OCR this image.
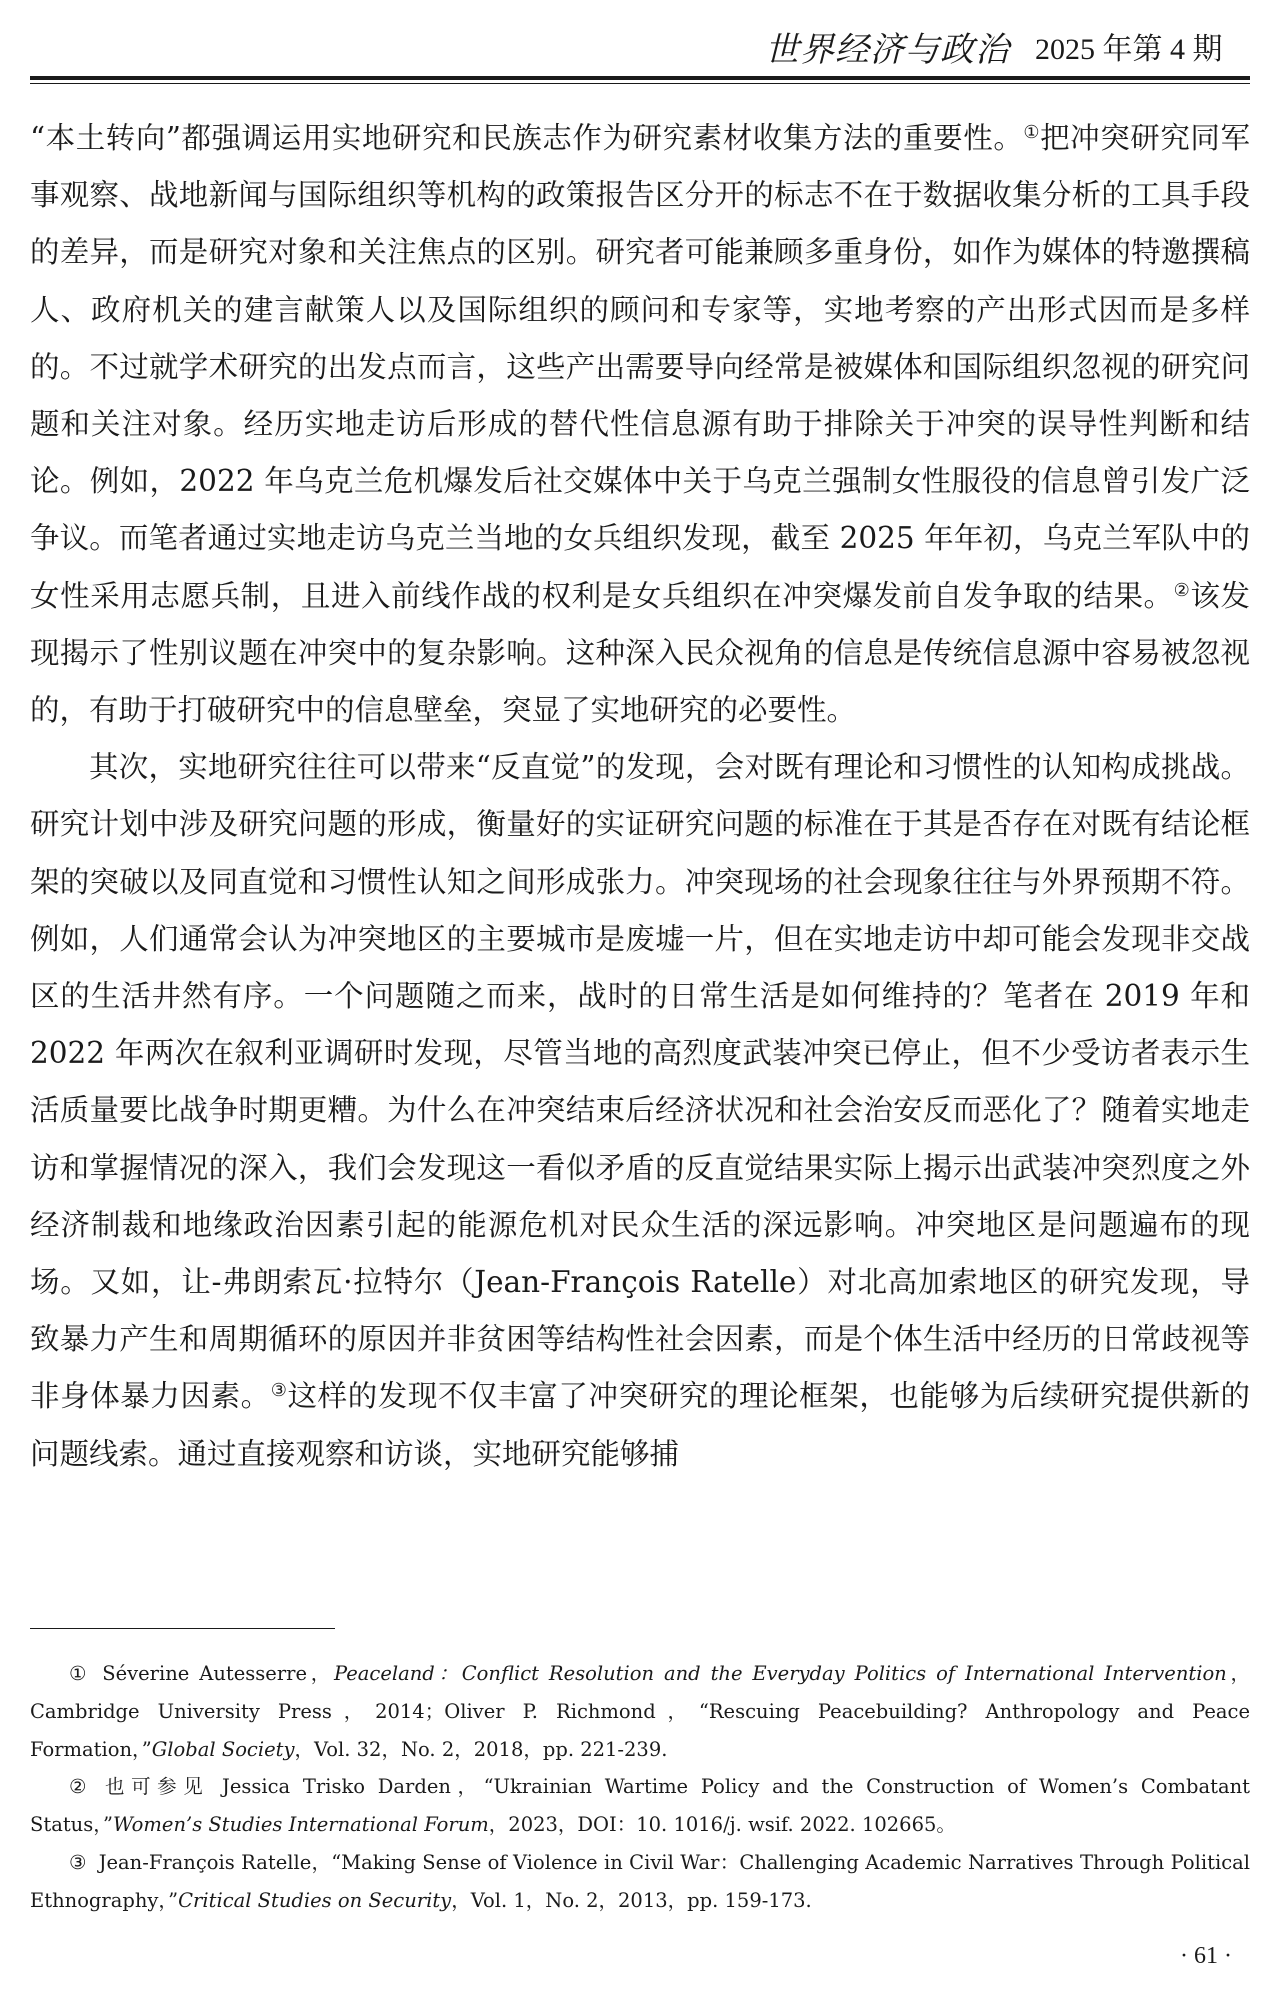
世界经济与政治 2025 年第 4 期

“本土转向”都强调运用实地研究和民族志作为研究素材收集方法的重要性。①把冲突研究同军事观察、战地新闻与国际组织等机构的政策报告区分开的标志不在于数据收集分析的工具手段的差异，而是研究对象和关注焦点的区别。研究者可能兼顾多重身份，如作为媒体的特邀撰稿人、政府机关的建言献策人以及国际组织的顾问和专家等，实地考察的产出形式因而是多样的。不过就学术研究的出发点而言，这些产出需要导向经常是被媒体和国际组织忽视的研究问题和关注对象。经历实地走访后形成的替代性信息源有助于排除关于冲突的误导性判断和结论。例如，2022 年乌克兰危机爆发后社交媒体中关于乌克兰强制女性服役的信息曾引发广泛争议。而笔者通过实地走访乌克兰当地的女兵组织发现，截至 2025 年年初，乌克兰军队中的女性采用志愿兵制，且进入前线作战的权利是女兵组织在冲突爆发前自发争取的结果。②该发现揭示了性别议题在冲突中的复杂影响。这种深入民众视角的信息是传统信息源中容易被忽视的，有助于打破研究中的信息壁垒，突显了实地研究的必要性。

其次，实地研究往往可以带来“反直觉”的发现，会对既有理论和习惯性的认知构成挑战。研究计划中涉及研究问题的形成，衡量好的实证研究问题的标准在于其是否存在对既有结论框架的突破以及同直觉和习惯性认知之间形成张力。冲突现场的社会现象往往与外界预期不符。例如，人们通常会认为冲突地区的主要城市是废墟一片，但在实地走访中却可能会发现非交战区的生活井然有序。一个问题随之而来，战时的日常生活是如何维持的？笔者在 2019 年和 2022 年两次在叙利亚调研时发现，尽管当地的高烈度武装冲突已停止，但不少受访者表示生活质量要比战争时期更糟。为什么在冲突结束后经济状况和社会治安反而恶化了？随着实地走访和掌握情况的深入，我们会发现这一看似矛盾的反直觉结果实际上揭示出武装冲突烈度之外经济制裁和地缘政治因素引起的能源危机对民众生活的深远影响。冲突地区是问题遍布的现场。又如，让-弗朗索瓦·拉特尔（Jean-François Ratelle）对北高加索地区的研究发现，导致暴力产生和周期循环的原因并非贫困等结构性社会因素，而是个体生活中经历的日常歧视等非身体暴力因素。③这样的发现不仅丰富了冲突研究的理论框架，也能够为后续研究提供新的问题线索。通过直接观察和访谈，实地研究能够捕

① Séverine Autesserre，Peaceland：Conflict Resolution and the Everyday Politics of International Intervention，Cambridge University Press，2014；Oliver P. Richmond，“Rescuing Peacebuilding? Anthropology and Peace Formation，”Global Society，Vol. 32，No. 2，2018，pp. 221-239.

② 也可参见 Jessica Trisko Darden，“Ukrainian Wartime Policy and the Construction of Women’s Combatant Status，”Women’s Studies International Forum，2023，DOI：10. 1016/j. wsif. 2022. 102665。

③ Jean-François Ratelle，“Making Sense of Violence in Civil War：Challenging Academic Narratives Through Political Ethnography，”Critical Studies on Security，Vol. 1，No. 2，2013，pp. 159-173.

· 61 ·
